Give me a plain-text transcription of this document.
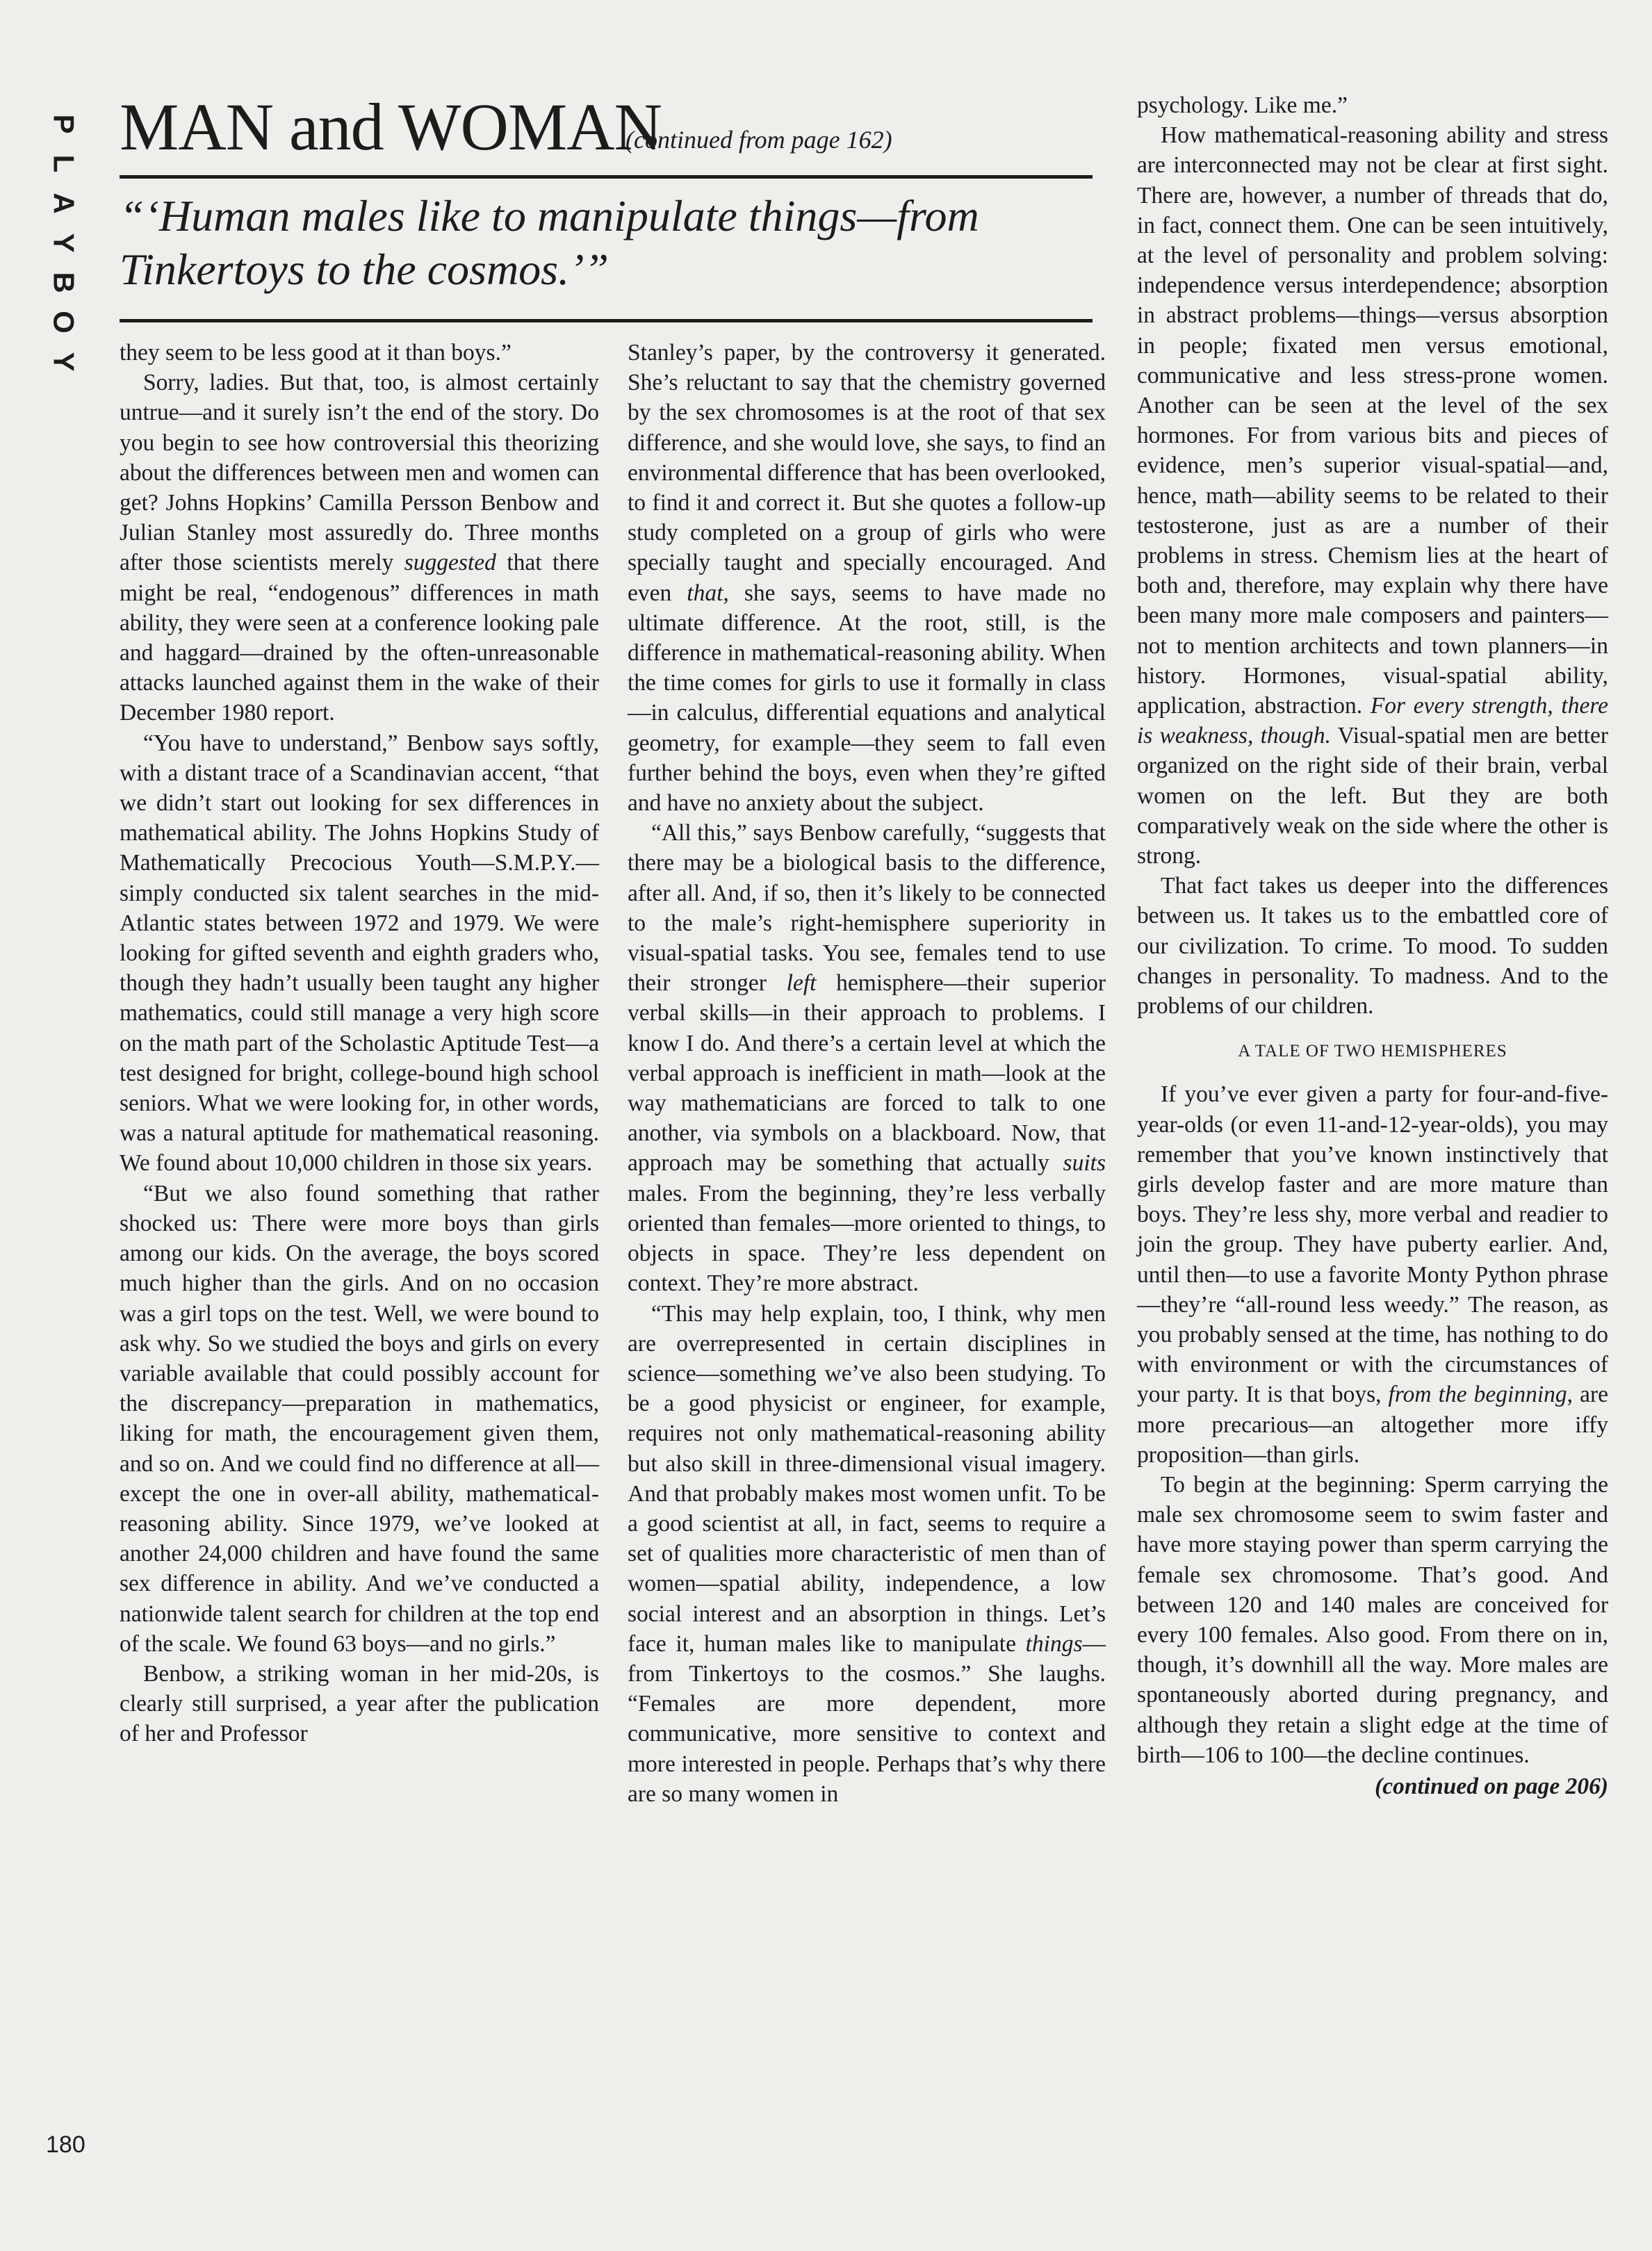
P
L
A
Y
B
O
Y
MAN and WOMAN
(continued from page 162)
“‘Human males like to manipulate things—from Tinkertoys to the cosmos.’”

they seem to be less good at it than boys.”

Sorry, ladies. But that, too, is almost certainly untrue—and it surely isn’t the end of the story. Do you begin to see how controversial this theorizing about the differences between men and women can get? Johns Hopkins’ Camilla Persson Benbow and Julian Stanley most assuredly do. Three months after those scientists merely suggested that there might be real, “endogenous” differences in math ability, they were seen at a conference looking pale and haggard—drained by the often-unreasonable attacks launched against them in the wake of their December 1980 report.

“You have to understand,” Benbow says softly, with a distant trace of a Scandinavian accent, “that we didn’t start out looking for sex differences in mathematical ability. The Johns Hopkins Study of Mathematically Precocious Youth—S.M.P.Y.—simply conducted six talent searches in the mid-Atlantic states between 1972 and 1979. We were looking for gifted seventh and eighth graders who, though they hadn’t usually been taught any higher mathematics, could still manage a very high score on the math part of the Scholastic Aptitude Test—a test designed for bright, college-bound high school seniors. What we were looking for, in other words, was a natural aptitude for mathematical reasoning. We found about 10,000 children in those six years.

“But we also found something that rather shocked us: There were more boys than girls among our kids. On the average, the boys scored much higher than the girls. And on no occasion was a girl tops on the test. Well, we were bound to ask why. So we studied the boys and girls on every variable available that could possibly account for the discrepancy—preparation in mathematics, liking for math, the encouragement given them, and so on. And we could find no difference at all—except the one in over-all ability, mathematical-reasoning ability. Since 1979, we’ve looked at another 24,000 children and have found the same sex difference in ability. And we’ve conducted a nationwide talent search for children at the top end of the scale. We found 63 boys—and no girls.”

Benbow, a striking woman in her mid-20s, is clearly still surprised, a year after the publication of her and Professor

Stanley’s paper, by the controversy it generated. She’s reluctant to say that the chemistry governed by the sex chromosomes is at the root of that sex difference, and she would love, she says, to find an environmental difference that has been overlooked, to find it and correct it. But she quotes a follow-up study completed on a group of girls who were specially taught and specially encouraged. And even that, she says, seems to have made no ultimate difference. At the root, still, is the difference in mathematical-reasoning ability. When the time comes for girls to use it formally in class—in calculus, differential equations and analytical geometry, for example—they seem to fall even further behind the boys, even when they’re gifted and have no anxiety about the subject.

“All this,” says Benbow carefully, “suggests that there may be a biological basis to the difference, after all. And, if so, then it’s likely to be connected to the male’s right-hemisphere superiority in visual-spatial tasks. You see, females tend to use their stronger left hemisphere—their superior verbal skills—in their approach to problems. I know I do. And there’s a certain level at which the verbal approach is inefficient in math—look at the way mathematicians are forced to talk to one another, via symbols on a blackboard. Now, that approach may be something that actually suits males. From the beginning, they’re less verbally oriented than females—more oriented to things, to objects in space. They’re less dependent on context. They’re more abstract.

“This may help explain, too, I think, why men are overrepresented in certain disciplines in science—something we’ve also been studying. To be a good physicist or engineer, for example, requires not only mathematical-reasoning ability but also skill in three-dimensional visual imagery. And that probably makes most women unfit. To be a good scientist at all, in fact, seems to require a set of qualities more characteristic of men than of women—spatial ability, independence, a low social interest and an absorption in things. Let’s face it, human males like to manipulate things—from Tinkertoys to the cosmos.” She laughs. “Females are more dependent, more communicative, more sensitive to context and more interested in people. Perhaps that’s why there are so many women in

psychology. Like me.”

How mathematical-reasoning ability and stress are interconnected may not be clear at first sight. There are, however, a number of threads that do, in fact, connect them. One can be seen intuitively, at the level of personality and problem solving: independence versus interdependence; absorption in abstract problems—things—versus absorption in people; fixated men versus emotional, communicative and less stress-prone women. Another can be seen at the level of the sex hormones. For from various bits and pieces of evidence, men’s superior visual-spatial—and, hence, math—ability seems to be related to their testosterone, just as are a number of their problems in stress. Chemism lies at the heart of both and, therefore, may explain why there have been many more male composers and painters—not to mention architects and town planners—in history. Hormones, visual-spatial ability, application, abstraction. For every strength, there is weakness, though. Visual-spatial men are better organized on the right side of their brain, verbal women on the left. But they are both comparatively weak on the side where the other is strong.

That fact takes us deeper into the differences between us. It takes us to the embattled core of our civilization. To crime. To mood. To sudden changes in personality. To madness. And to the problems of our children.

A TALE OF TWO HEMISPHERES

If you’ve ever given a party for four-and-five-year-olds (or even 11-and-12-year-olds), you may remember that you’ve known instinctively that girls develop faster and are more mature than boys. They’re less shy, more verbal and readier to join the group. They have puberty earlier. And, until then—to use a favorite Monty Python phrase—they’re “all-round less weedy.” The reason, as you probably sensed at the time, has nothing to do with environment or with the circumstances of your party. It is that boys, from the beginning, are more precarious—an altogether more iffy proposition—than girls.

To begin at the beginning: Sperm carrying the male sex chromosome seem to swim faster and have more staying power than sperm carrying the female sex chromosome. That’s good. And between 120 and 140 males are conceived for every 100 females. Also good. From there on in, though, it’s downhill all the way. More males are spontaneously aborted during pregnancy, and although they retain a slight edge at the time of birth—106 to 100—the decline continues.

(continued on page 206)

180
